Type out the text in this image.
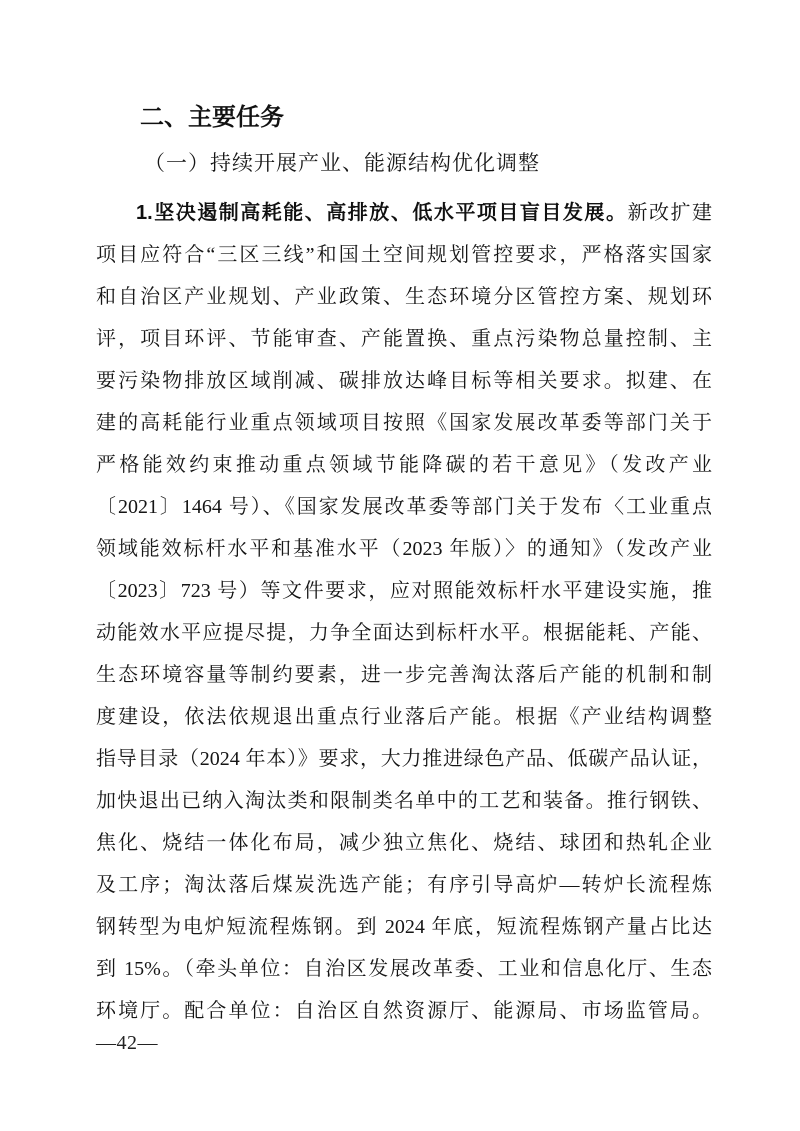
二、主要任务
（一）持续开展产业、能源结构优化调整
1.坚决遏制高耗能、高排放、低水平项目盲目发展。新改扩建
项目应符合“三区三线”和国土空间规划管控要求，严格落实国家
和自治区产业规划、产业政策、生态环境分区管控方案、规划环
评，项目环评、节能审查、产能置换、重点污染物总量控制、主
要污染物排放区域削减、碳排放达峰目标等相关要求。拟建、在
建的高耗能行业重点领域项目按照《国家发展改革委等部门关于
严格能效约束推动重点领域节能降碳的若干意见》（发改产业
〔2021〕1464 号）、《国家发展改革委等部门关于发布〈工业重点
领域能效标杆水平和基准水平（2023 年版）〉的通知》（发改产业
〔2023〕723 号）等文件要求，应对照能效标杆水平建设实施，推
动能效水平应提尽提，力争全面达到标杆水平。根据能耗、产能、
生态环境容量等制约要素，进一步完善淘汰落后产能的机制和制
度建设，依法依规退出重点行业落后产能。根据《产业结构调整
指导目录（2024 年本）》要求，大力推进绿色产品、低碳产品认证，
加快退出已纳入淘汰类和限制类名单中的工艺和装备。推行钢铁、
焦化、烧结一体化布局，减少独立焦化、烧结、球团和热轧企业
及工序；淘汰落后煤炭洗选产能；有序引导高炉—转炉长流程炼
钢转型为电炉短流程炼钢。到 2024 年底，短流程炼钢产量占比达
到 15%。（牵头单位：自治区发展改革委、工业和信息化厅、生态
环境厅。配合单位：自治区自然资源厅、能源局、市场监管局。
—42—
